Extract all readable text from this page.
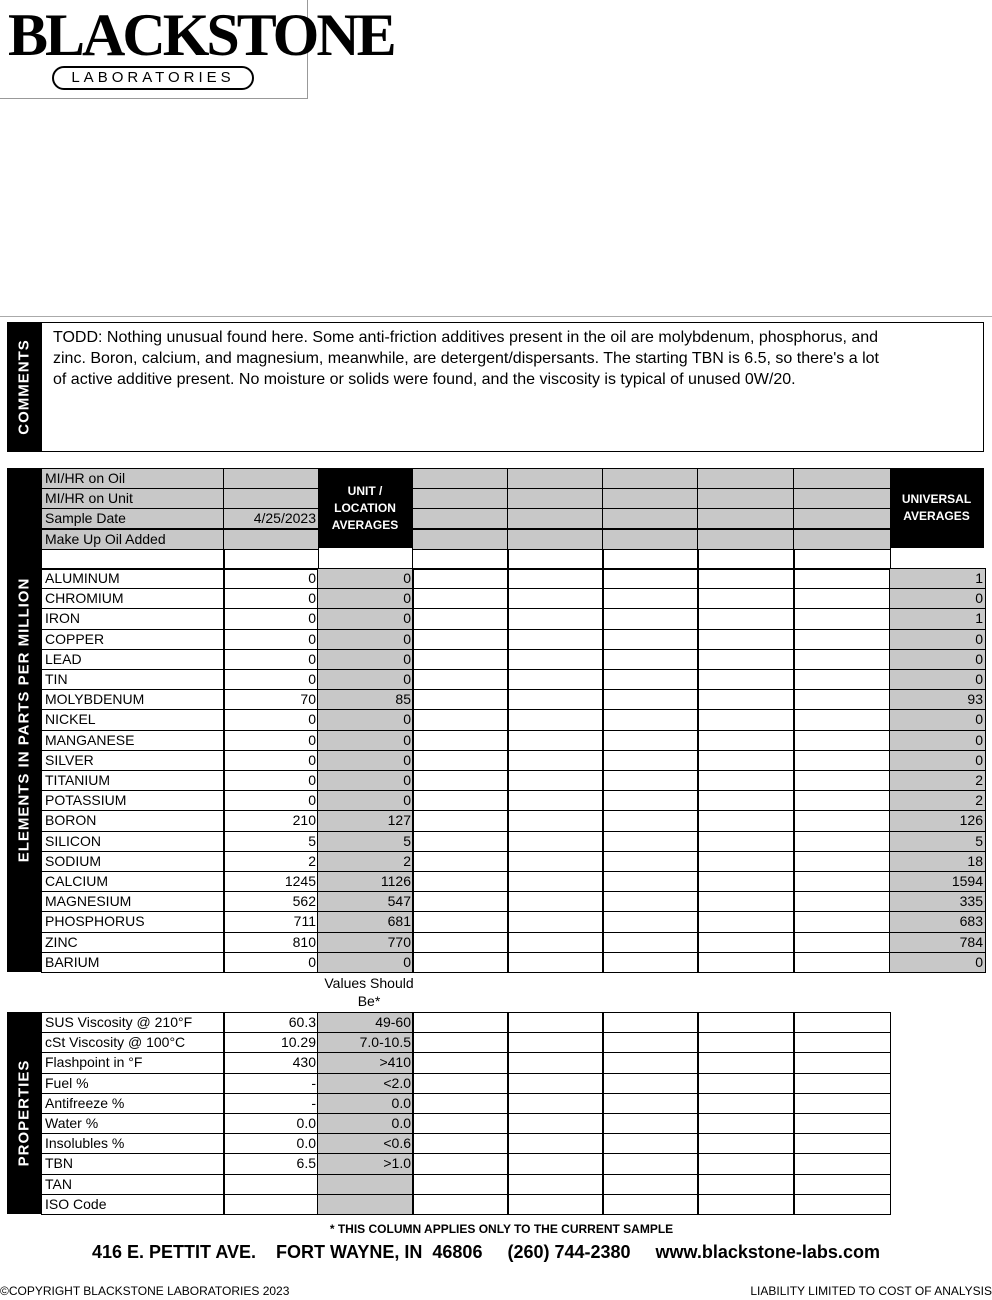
BLACKSTONE
LABORATORIES
COMMENTS
TODD: Nothing unusual found here. Some anti-friction additives present in the oil are molybdenum, phosphorus, and zinc. Boron, calcium, and magnesium, meanwhile, are detergent/dispersants. The starting TBN is 6.5, so there's a lot of active additive present. No moisture or solids were found, and the viscosity is typical of unused 0W/20.
ELEMENTS IN PARTS PER MILLION
UNIT / LOCATION AVERAGES
UNIVERSAL AVERAGES
MI/HR on Oil
MI/HR on Unit
Sample Date	4/25/2023
Make Up Oil Added
ALUMINUM	0	0	1
CHROMIUM	0	0	0
IRON	0	0	1
COPPER	0	0	0
LEAD	0	0	0
TIN	0	0	0
MOLYBDENUM	70	85	93
NICKEL	0	0	0
MANGANESE	0	0	0
SILVER	0	0	0
TITANIUM	0	0	2
POTASSIUM	0	0	2
BORON	210	127	126
SILICON	5	5	5
SODIUM	2	2	18
CALCIUM	1245	1126	1594
MAGNESIUM	562	547	335
PHOSPHORUS	711	681	683
ZINC	810	770	784
BARIUM	0	0	0
Values Should Be*
PROPERTIES
SUS Viscosity @ 210°F	60.3	49-60
cSt Viscosity @ 100°C	10.29	7.0-10.5
Flashpoint in °F	430	>410
Fuel %	-	<2.0
Antifreeze %	-	0.0
Water %	0.0	0.0
Insolubles %	0.0	<0.6
TBN	6.5	>1.0
TAN
ISO Code
* THIS COLUMN APPLIES ONLY TO THE CURRENT SAMPLE
416 E. PETTIT AVE.    FORT WAYNE, IN  46806     (260) 744-2380     www.blackstone-labs.com
©COPYRIGHT BLACKSTONE LABORATORIES 2023	LIABILITY LIMITED TO COST OF ANALYSIS
